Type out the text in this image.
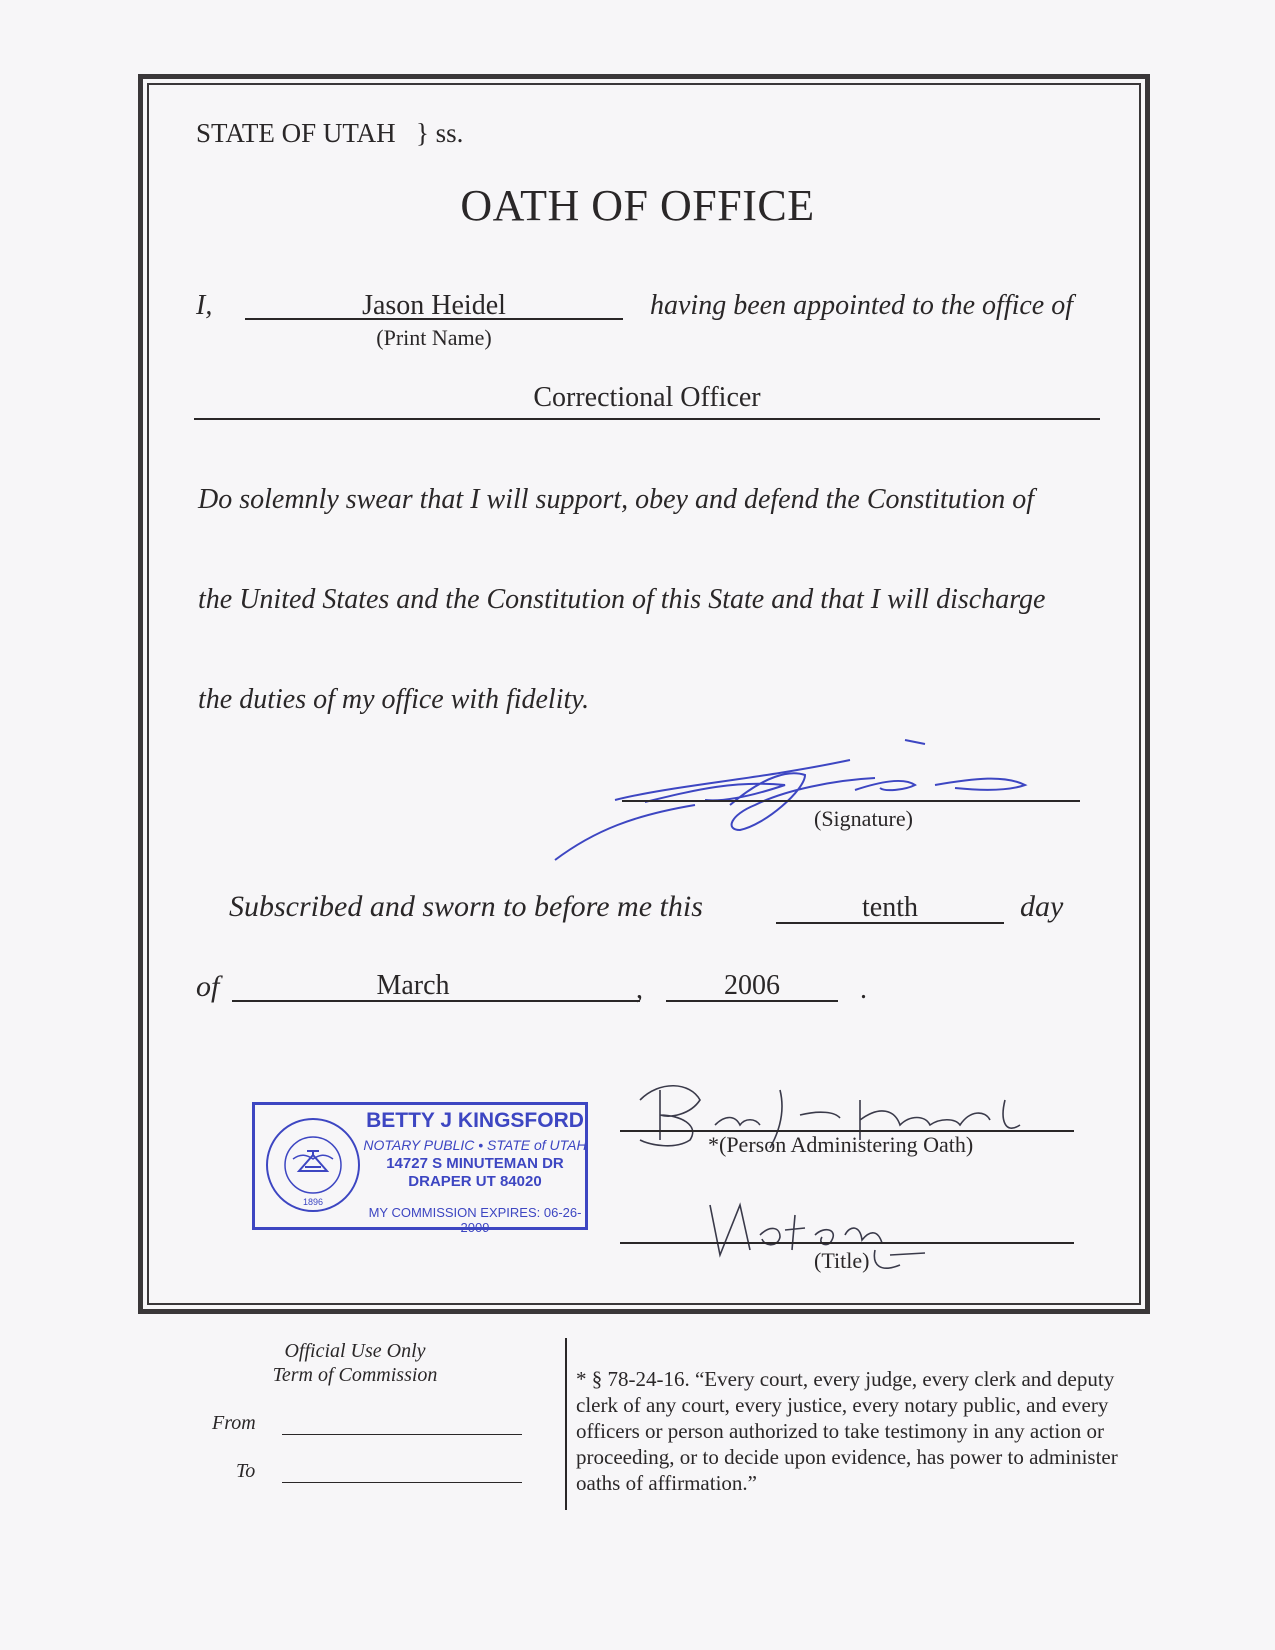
STATE OF UTAH } ss.
OATH OF OFFICE
I,	Jason Heidel
(Print Name)
having been appointed to the office of
Correctional Officer
Do solemnly swear that I will support, obey and defend the Constitution of
the United States and the Constitution of this State and that I will discharge
the duties of my office with fidelity.
(Signature)
Subscribed and sworn to before me this	tenth	day
of	March	,	2006	.
1896
BETTY J KINGSFORD
NOTARY PUBLIC • STATE of UTAH
14727 S MINUTEMAN DR
DRAPER UT 84020
MY COMMISSION EXPIRES: 06-26-2009
*(Person Administering Oath)
(Title)
Official Use Only
Term of Commission
From
To
* § 78-24-16. “Every court, every judge, every clerk and deputy clerk of any court, every justice, every notary public, and every officers or person authorized to take testimony in any action or proceeding, or to decide upon evidence, has power to administer oaths of affirmation.”
